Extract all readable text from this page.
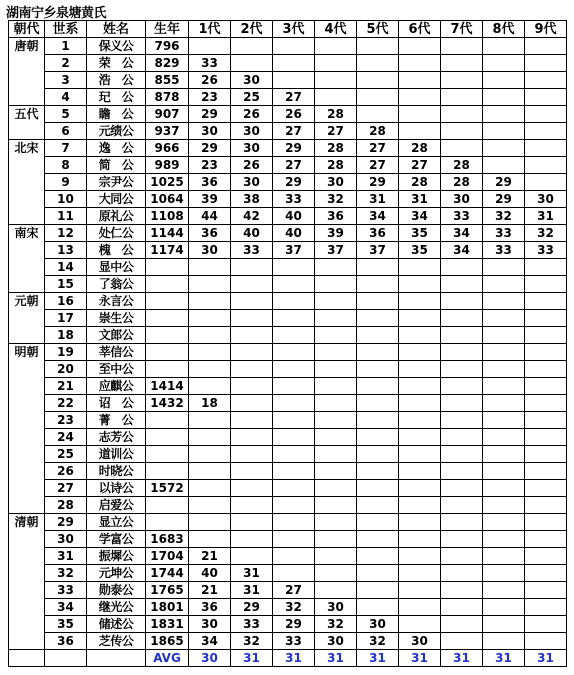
湖南宁乡泉塘黄氏
朝代	世系	姓名	生年	1代	2代	3代	4代	5代	6代	7代	8代	9代
唐朝	1	保义公	796									
	2	荣　公	829	33								
	3	浩　公	855	26	30							
	4	玘　公	878	23	25	27						
五代	5	瞻　公	907	29	26	26	28					
	6	元绩公	937	30	30	27	27	28				
北宋	7	逸　公	966	29	30	29	28	27	28			
	8	简　公	989	23	26	27	28	27	27	28		
	9	宗尹公	1025	36	30	29	30	29	28	28	29	
	10	大同公	1064	39	38	33	32	31	31	30	29	30
	11	原礼公	1108	44	42	40	36	34	34	33	32	31
南宋	12	处仁公	1144	36	40	40	39	36	35	34	33	32
	13	槐　公	1174	30	33	37	37	37	35	34	33	33
	14	显中公										
	15	了翁公										
元朝	16	永言公										
	17	崇生公										
	18	文郎公										
明朝	19	莘信公										
	20	至中公										
	21	应麒公	1414									
	22	诏　公	1432	18								
	23	菁　公										
	24	志芳公										
	25	道训公										
	26	时晓公										
	27	以诗公	1572									
	28	启爱公										
清朝	29	显立公										
	30	学富公	1683									
	31	振墀公	1704	21								
	32	元坤公	1744	40	31							
	33	勋泰公	1765	21	31	27						
	34	继光公	1801	36	29	32	30					
	35	储述公	1831	30	33	29	32	30				
	36	芝传公	1865	34	32	33	30	32	30			
			AVG	30	31	31	31	31	31	31	31	31
